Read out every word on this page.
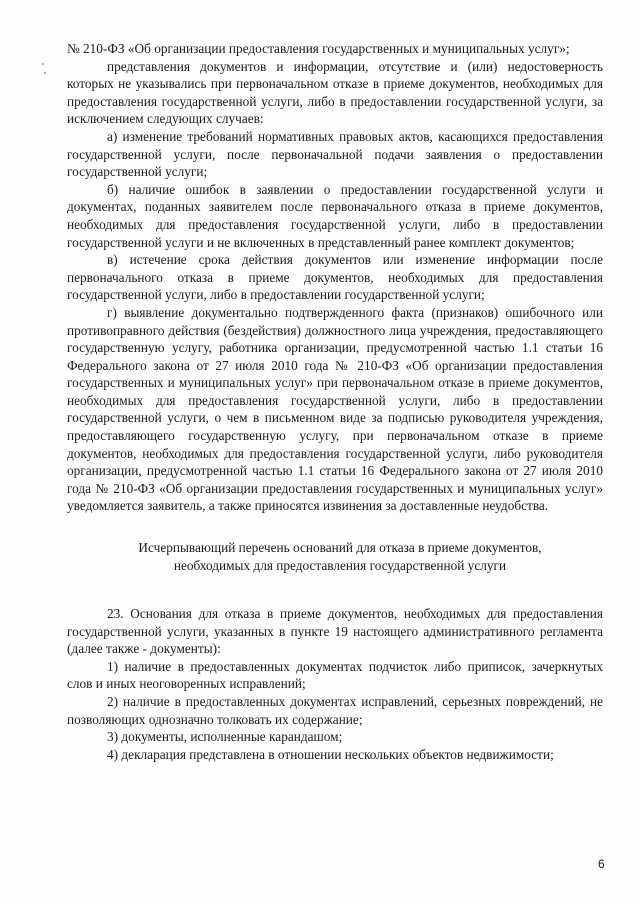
№ 210-ФЗ «Об организации предоставления государственных и муниципальных услуг»;

представления документов и информации, отсутствие и (или) недостоверность которых не указывались при первоначальном отказе в приеме документов, необходимых для предоставления государственной услуги, либо в предоставлении государственной услуги, за исключением следующих случаев:

а) изменение требований нормативных правовых актов, касающихся предоставления государственной услуги, после первоначальной подачи заявления о предоставлении государственной услуги;

б) наличие ошибок в заявлении о предоставлении государственной услуги и документах, поданных заявителем после первоначального отказа в приеме документов, необходимых для предоставления государственной услуги, либо в предоставлении государственной услуги и не включенных в представленный ранее комплект документов;

в) истечение срока действия документов или изменение информации после первоначального отказа в приеме документов, необходимых для предоставления государственной услуги, либо в предоставлении государственной услуги;

г) выявление документально подтвержденного факта (признаков) ошибочного или противоправного действия (бездействия) должностного лица учреждения, предоставляющего государственную услугу, работника организации, предусмотренной частью 1.1 статьи 16 Федерального закона от 27 июля 2010 года № 210-ФЗ «Об организации предоставления государственных и муниципальных услуг» при первоначальном отказе в приеме документов, необходимых для предоставления государственной услуги, либо в предоставлении государственной услуги, о чем в письменном виде за подписью руководителя учреждения, предоставляющего государственную услугу, при первоначальном отказе в приеме документов, необходимых для предоставления государственной услуги, либо руководителя организации, предусмотренной частью 1.1 статьи 16 Федерального закона от 27 июля 2010 года № 210-ФЗ «Об организации предоставления государственных и муниципальных услуг» уведомляется заявитель, а также приносятся извинения за доставленные неудобства.

Исчерпывающий перечень оснований для отказа в приеме документов,
необходимых для предоставления государственной услуги

23. Основания для отказа в приеме документов, необходимых для предоставления государственной услуги, указанных в пункте 19 настоящего административного регламента (далее также - документы):

1) наличие в предоставленных документах подчисток либо приписок, зачеркнутых слов и иных неоговоренных исправлений;

2) наличие в предоставленных документах исправлений, серьезных повреждений, не позволяющих однозначно толковать их содержание;

3) документы, исполненные карандашом;

4) декларация представлена в отношении нескольких объектов недвижимости;

6
